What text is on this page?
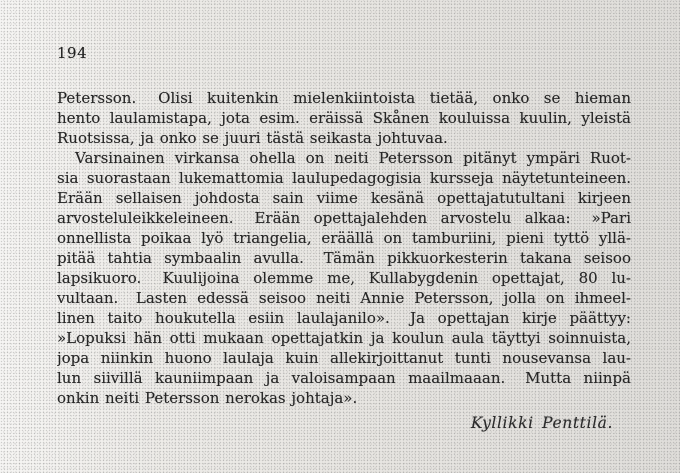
194
Petersson.  Olisi kuitenkin mielenkiintoista tietää, onko se hieman
hento laulamistapa, jota esim. eräissä Skånen kouluissa kuulin, yleistä
Ruotsissa, ja onko se juuri tästä seikasta johtuvaa.
Varsinainen virkansa ohella on neiti Petersson pitänyt ympäri Ruot-
sia suorastaan lukemattomia laulupedagogisia kursseja näytetunteineen.
Erään sellaisen johdosta sain viime kesänä opettajatutultani kirjeen
arvosteluleikkeleineen.  Erään opettajalehden arvostelu alkaa:  »Pari
onnellista poikaa lyö triangelia, eräällä on tamburiini, pieni tyttö yllä-
pitää tahtia symbaalin avulla.  Tämän pikkuorkesterin takana seisoo
lapsikuoro.  Kuulijoina olemme me, Kullabygdenin opettajat, 80 lu-
vultaan.  Lasten edessä seisoo neiti Annie Petersson, jolla on ihmeel-
linen taito houkutella esiin laulajanilo».  Ja opettajan kirje päättyy:
»Lopuksi hän otti mukaan opettajatkin ja koulun aula täyttyi soinnuista,
jopa niinkin huono laulaja kuin allekirjoittanut tunti nousevansa lau-
lun siivillä kauniimpaan ja valoisampaan maailmaaan.  Mutta niinpä
onkin neiti Petersson nerokas johtaja».
Kyllikki Penttilä.
